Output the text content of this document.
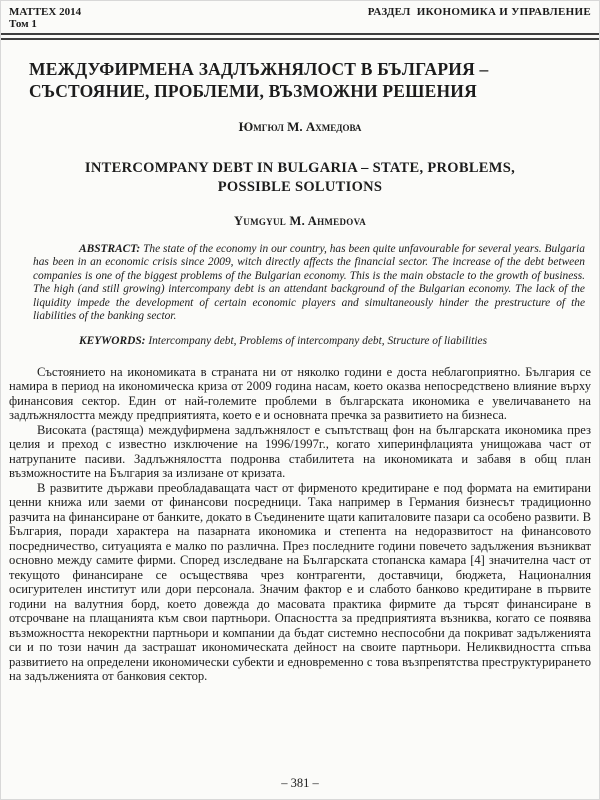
МАТТЕХ 2014
Том 1
РАЗДЕЛ  ИКОНОМИКА И УПРАВЛЕНИЕ
МЕЖДУФИРМЕНА ЗАДЛЪЖНЯЛОСТ В БЪЛГАРИЯ –
СЪСТОЯНИЕ, ПРОБЛЕМИ, ВЪЗМОЖНИ РЕШЕНИЯ
Юмгюл М. Ахмедова
INTERCOMPANY DEBT IN BULGARIA – STATE, PROBLEMS,
POSSIBLE SOLUTIONS
Yumgyul M. Ahmedova

ABSTRACT: The state of the economy in our country, has been quite unfavourable for several years. Bulgaria has been in an economic crisis since 2009, witch directly affects the financial sector. The increase of the debt between companies is one of the biggest problems of the Bulgarian economy. This is the main obstacle to the growth of business. The high (and still growing) intercompany debt is an attendant background of the Bulgarian economy. The lack of the liquidity impede the development of certain economic players and simultaneously hinder the prestructure of the liabilities of the banking sector.

KEYWORDS: Intercompany debt, Problems of intercompany debt, Structure of liabilities

Състоянието на икономиката в страната ни от няколко години е доста неблагоприятно. България се намира в период на икономическа криза от 2009 година насам, което оказва непосредствено влияние върху финансовия сектор. Един от най-големите проблеми в българската икономика е увеличаването на задлъжнялостта между предприятията, което е и основната пречка за развитието на бизнеса.

Високата (растяща) междуфирмена задлъжнялост е съпътстващ фон на българската икономика през целия и преход с известно изключение на 1996/1997г., когато хиперинфлацията унищожава част от натрупаните пасиви. Задлъжнялостта подронва стабилитета на икономиката и забавя в общ план възможностите на България за излизане от кризата.

В развитите държави преобладаващата част от фирменото кредитиране е под формата на емитирани ценни книжа или заеми от финансови посредници. Така например в Германия бизнесът традиционно разчита на финансиране от банките, докато в Съединените щати капиталовите пазари са особено развити. В България, поради характера на пазарната икономика и степента на недоразвитост на финансовото посредничество, ситуацията е малко по различна. През последните години повечето задължения възникват основно между самите фирми. Според изследване на Българската стопанска камара [4] значителна част от текущото финансиране се осъществява чрез контрагенти, доставчици, бюджета, Националния осигурителен институт или дори персонала. Значим фактор е и слабото банково кредитиране в първите години на валутния борд, което довежда до масовата практика фирмите да търсят финансиране в отсрочване на плащанията към свои партньори. Опасността за предприятията възниква, когато се появява възможността некоректни партньори и компании да бъдат системно неспособни да покриват задълженията си и по този начин да застрашат икономическата дейност на своите партньори. Неликвидността спъва развитието на определени икономически субекти и едновременно с това възпрепятства преструктурирането на задълженията от банковия сектор.

– 381 –
